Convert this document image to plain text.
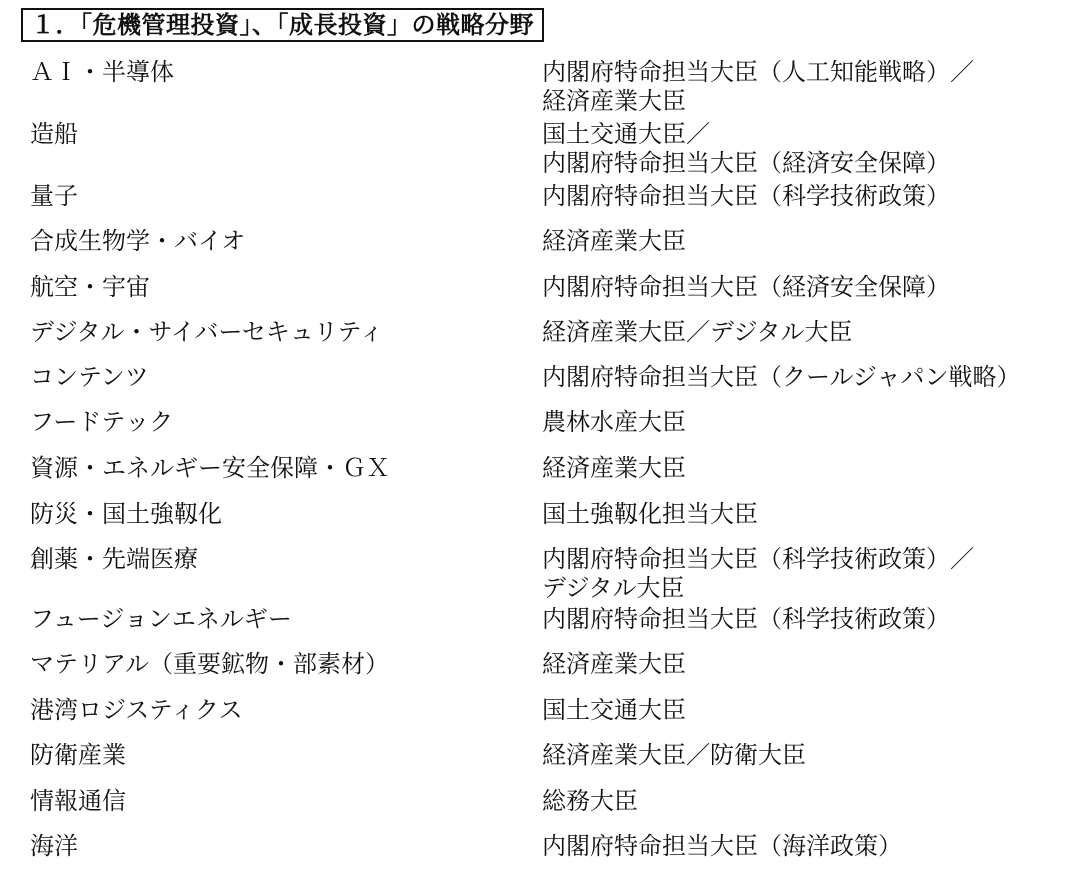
１．「危機管理投資」、「成長投資」の戦略分野
ＡＩ・半導体	内閣府特命担当大臣（人工知能戦略）／
経済産業大臣
造船	国土交通大臣／
内閣府特命担当大臣（経済安全保障）
量子	内閣府特命担当大臣（科学技術政策）
合成生物学・バイオ	経済産業大臣
航空・宇宙	内閣府特命担当大臣（経済安全保障）
デジタル・サイバーセキュリティ	経済産業大臣／デジタル大臣
コンテンツ	内閣府特命担当大臣（クールジャパン戦略）
フードテック	農林水産大臣
資源・エネルギー安全保障・ＧＸ	経済産業大臣
防災・国土強靱化	国土強靱化担当大臣
創薬・先端医療	内閣府特命担当大臣（科学技術政策）／
デジタル大臣
フュージョンエネルギー	内閣府特命担当大臣（科学技術政策）
マテリアル（重要鉱物・部素材）	経済産業大臣
港湾ロジスティクス	国土交通大臣
防衛産業	経済産業大臣／防衛大臣
情報通信	総務大臣
海洋	内閣府特命担当大臣（海洋政策）
